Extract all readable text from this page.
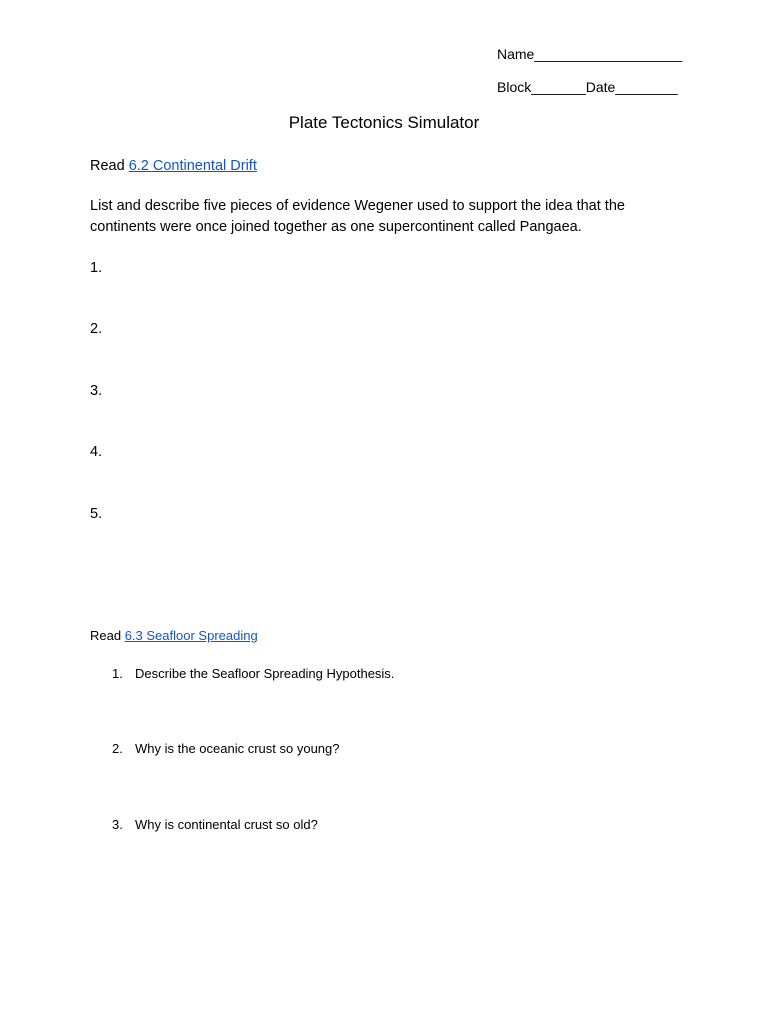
Name___________________
Block_______Date________
Plate Tectonics Simulator
Read 6.2 Continental Drift
List and describe five pieces of evidence Wegener used to support the idea that the continents were once joined together as one supercontinent called Pangaea.
1.
2.
3.
4.
5.
Read 6.3 Seafloor Spreading
1. Describe the Seafloor Spreading Hypothesis.
2. Why is the oceanic crust so young?
3. Why is continental crust so old?
